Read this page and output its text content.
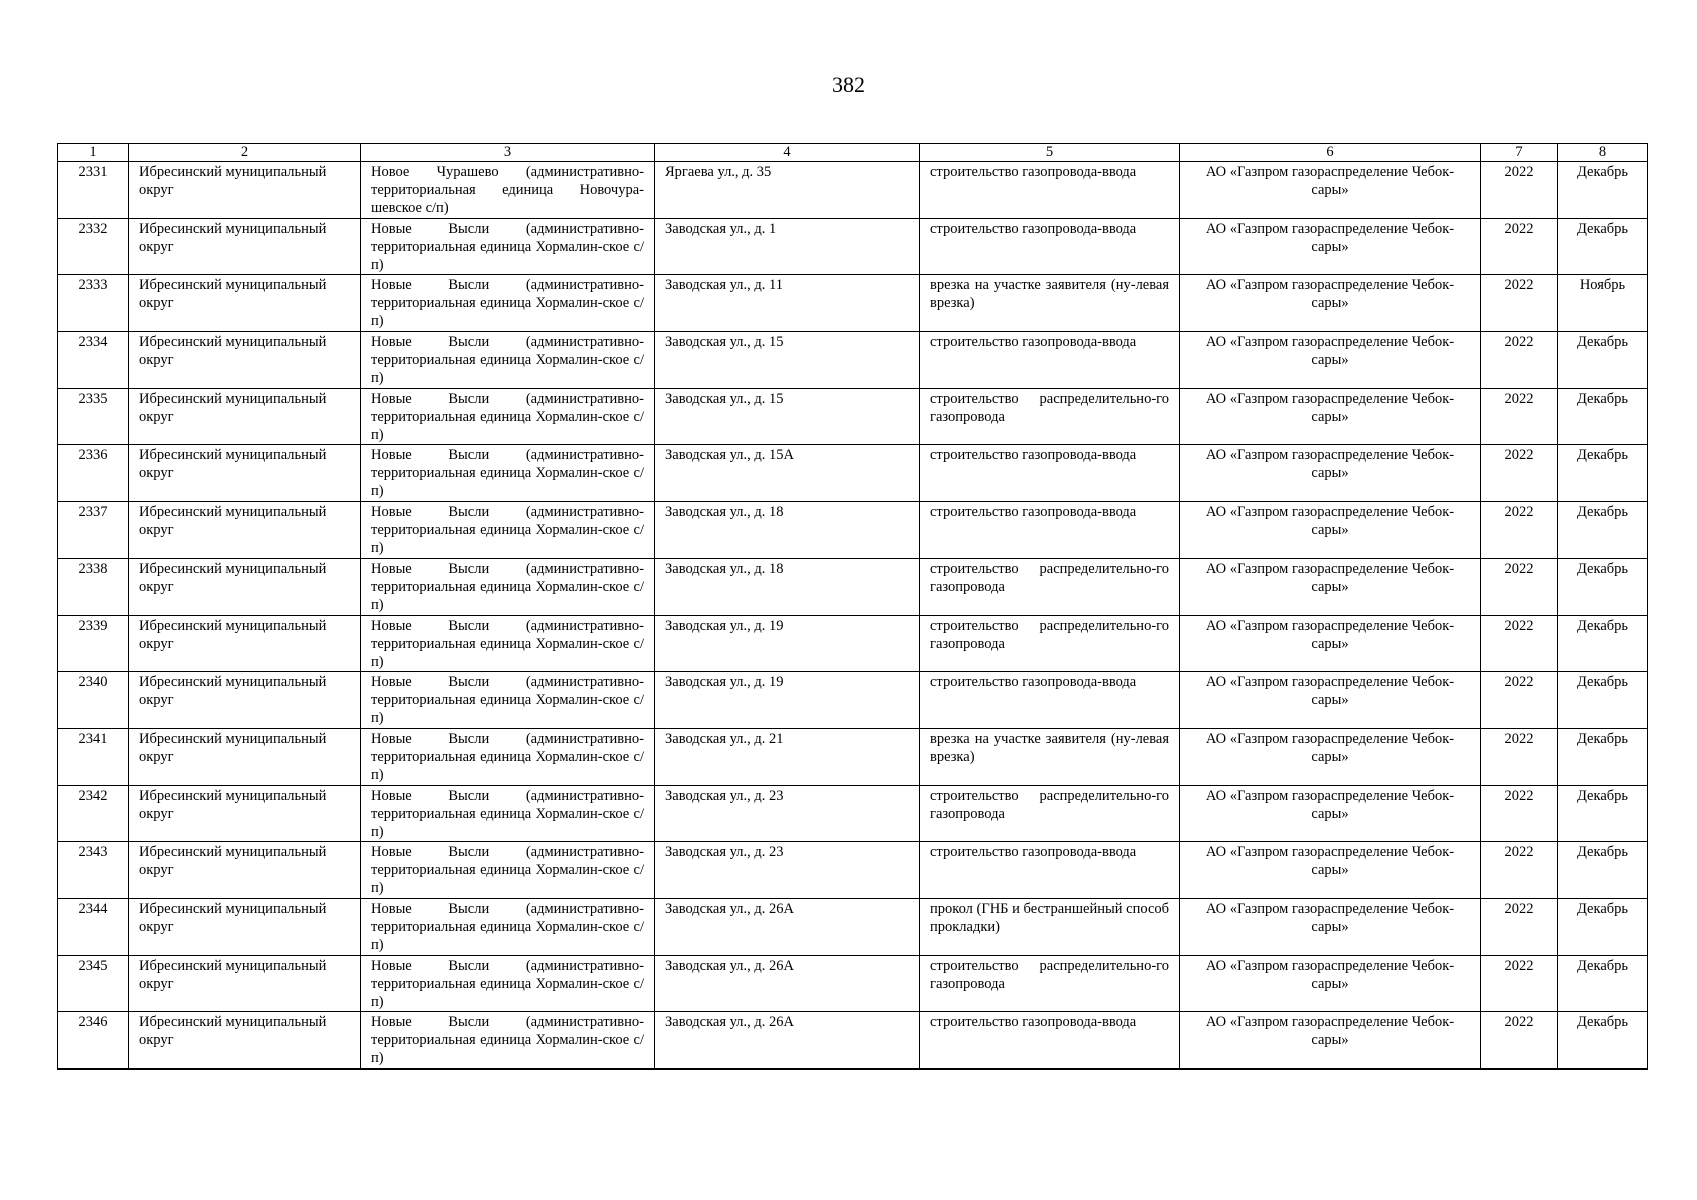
382
1	2	3	4	5	6	7	8
2331	Ибресинский муниципальный округ	Новое Чурашево (административно-территориальная единица Новочура-шевское с/п)	Яргаева ул., д. 35	строительство газопровода-ввода	АО «Газпром газораспределение Чебок-сары»	2022	Декабрь
2332	Ибресинский муниципальный округ	Новые Высли (административно-территориальная единица Хормалин-ское с/п)	Заводская ул., д. 1	строительство газопровода-ввода	АО «Газпром газораспределение Чебок-сары»	2022	Декабрь
2333	Ибресинский муниципальный округ	Новые Высли (административно-территориальная единица Хормалин-ское с/п)	Заводская ул., д. 11	врезка на участке заявителя (ну-левая врезка)	АО «Газпром газораспределение Чебок-сары»	2022	Ноябрь
2334	Ибресинский муниципальный округ	Новые Высли (административно-территориальная единица Хормалин-ское с/п)	Заводская ул., д. 15	строительство газопровода-ввода	АО «Газпром газораспределение Чебок-сары»	2022	Декабрь
2335	Ибресинский муниципальный округ	Новые Высли (административно-территориальная единица Хормалин-ское с/п)	Заводская ул., д. 15	строительство распределительно-го газопровода	АО «Газпром газораспределение Чебок-сары»	2022	Декабрь
2336	Ибресинский муниципальный округ	Новые Высли (административно-территориальная единица Хормалин-ское с/п)	Заводская ул., д. 15А	строительство газопровода-ввода	АО «Газпром газораспределение Чебок-сары»	2022	Декабрь
2337	Ибресинский муниципальный округ	Новые Высли (административно-территориальная единица Хормалин-ское с/п)	Заводская ул., д. 18	строительство газопровода-ввода	АО «Газпром газораспределение Чебок-сары»	2022	Декабрь
2338	Ибресинский муниципальный округ	Новые Высли (административно-территориальная единица Хормалин-ское с/п)	Заводская ул., д. 18	строительство распределительно-го газопровода	АО «Газпром газораспределение Чебок-сары»	2022	Декабрь
2339	Ибресинский муниципальный округ	Новые Высли (административно-территориальная единица Хормалин-ское с/п)	Заводская ул., д. 19	строительство распределительно-го газопровода	АО «Газпром газораспределение Чебок-сары»	2022	Декабрь
2340	Ибресинский муниципальный округ	Новые Высли (административно-территориальная единица Хормалин-ское с/п)	Заводская ул., д. 19	строительство газопровода-ввода	АО «Газпром газораспределение Чебок-сары»	2022	Декабрь
2341	Ибресинский муниципальный округ	Новые Высли (административно-территориальная единица Хормалин-ское с/п)	Заводская ул., д. 21	врезка на участке заявителя (ну-левая врезка)	АО «Газпром газораспределение Чебок-сары»	2022	Декабрь
2342	Ибресинский муниципальный округ	Новые Высли (административно-территориальная единица Хормалин-ское с/п)	Заводская ул., д. 23	строительство распределительно-го газопровода	АО «Газпром газораспределение Чебок-сары»	2022	Декабрь
2343	Ибресинский муниципальный округ	Новые Высли (административно-территориальная единица Хормалин-ское с/п)	Заводская ул., д. 23	строительство газопровода-ввода	АО «Газпром газораспределение Чебок-сары»	2022	Декабрь
2344	Ибресинский муниципальный округ	Новые Высли (административно-территориальная единица Хормалин-ское с/п)	Заводская ул., д. 26А	прокол (ГНБ и бестраншейный способ прокладки)	АО «Газпром газораспределение Чебок-сары»	2022	Декабрь
2345	Ибресинский муниципальный округ	Новые Высли (административно-территориальная единица Хормалин-ское с/п)	Заводская ул., д. 26А	строительство распределительно-го газопровода	АО «Газпром газораспределение Чебок-сары»	2022	Декабрь
2346	Ибресинский муниципальный округ	Новые Высли (административно-территориальная единица Хормалин-ское с/п)	Заводская ул., д. 26А	строительство газопровода-ввода	АО «Газпром газораспределение Чебок-сары»	2022	Декабрь
